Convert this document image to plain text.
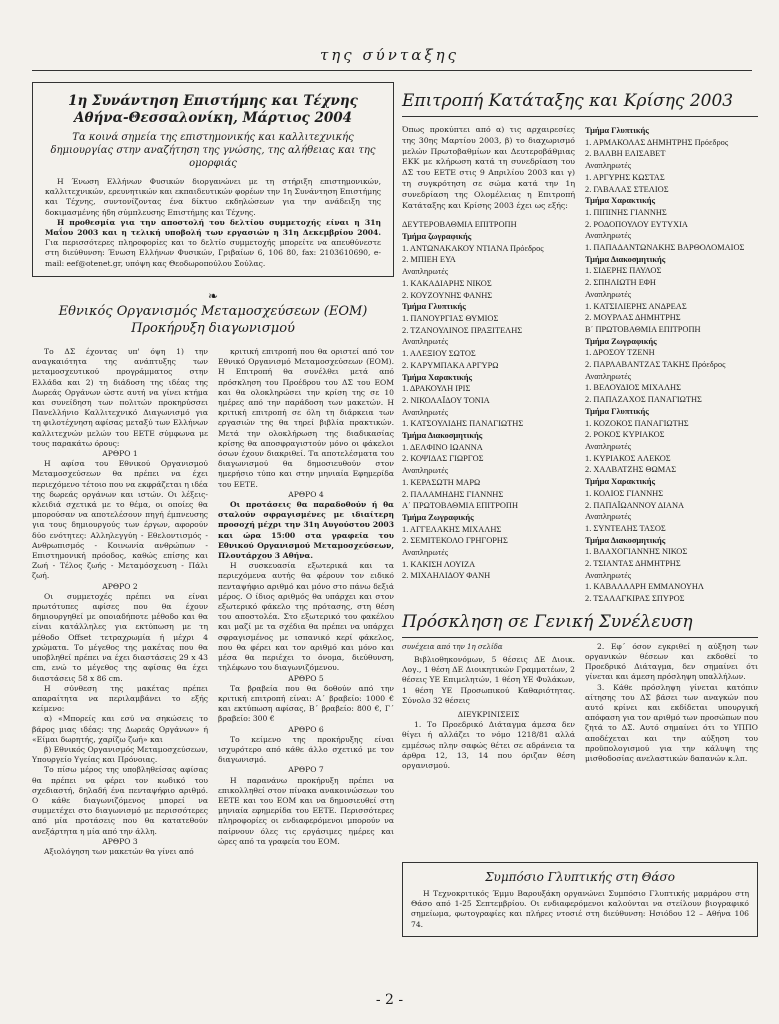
της σύνταξης

1η Συνάντηση Επιστήμης και Τέχνης

Αθήνα-Θεσσαλονίκη, Μάρτιος 2004

Τα κοινά σημεία της επιστημονικής και καλλιτεχνικής δημιουργίας στην αναζήτηση της γνώσης, της αλήθειας και της ομορφιάς

Η Ένωση Ελλήνων Φυσικών διοργανώνει με τη στήριξη επιστημονικών, καλλιτεχνικών, ερευνητικών και εκπαιδευτικών φορέων την 1η Συνάντηση Επιστήμης και Τέχνης, συντονίζοντας ένα δίκτυο εκδηλώσεων για την ανάδειξη της δοκιμασμένης ήδη σύμπλευσης Επιστήμης και Τέχνης.

Η προθεσμία για την αποστολή του δελτίου συμμετοχής είναι η 31η Μαΐου 2003 και η τελική υποβολή των εργασιών η 31η Δεκεμβρίου 2004. Για περισσότερες πληροφορίες και το δελτίο συμμετοχής μπορείτε να απευθύνεστε στη διεύθυνση: Ένωση Ελλήνων Φυσικών, Γριβαίων 6, 106 80, fax: 2103610690, e-mail: eef@otenet.gr, υπόψη κας Θεοδωροπούλου Σούλας.

❧

Εθνικός Οργανισμός Μεταμοσχεύσεων (ΕΟΜ)

Προκήρυξη διαγωνισμού

Το ΔΣ έχοντας υπ' όψη 1) την αναγκαιότητα της ανάπτυξης των μεταμοσχευτικού προγράμματος στην Ελλάδα και 2) τη διάδοση της ιδέας της Δωρεάς Οργάνων ώστε αυτή να γίνει κτήμα και συνείδηση των πολιτών προκηρύσσει Πανελλήνιο Καλλιτεχνικό Διαγωνισμό για τη φιλοτέχνηση αφίσας μεταξύ των Ελλήνων καλλιτεχνών μελών του ΕΕΤΕ σύμφωνα με τους παρακάτω όρους:

ΑΡΘΡΟ 1

Η αφίσα του Εθνικού Οργανισμού Μεταμοσχεύσεων θα πρέπει να έχει περιεχόμενο τέτοιο που να εκφράζεται η ιδέα της δωρεάς οργάνων και ιστών. Οι λέξεις-κλειδιά σχετικά με το θέμα, οι οποίες θα μπορούσαν να αποτελέσουν πηγή έμπνευσης για τους δημιουργούς των έργων, αφορούν δύο ενότητες: Αλληλεγγύη - Εθελοντισμός - Ανθρωπισμός - Κοινωνία ανθρώπων - Επιστημονική πρόοδος, καθώς επίσης και Ζωή - Τέλος ζωής - Μεταμόσχευση - Πάλι ζωή.

ΑΡΘΡΟ 2

Οι συμμετοχές πρέπει να είναι πρωτότυπες αφίσες που θα έχουν δημιουργηθεί με οποιαδήποτε μέθοδο και θα είναι κατάλληλες για εκτύπωση με τη μέθοδο Offset τετραχρωμία ή μέχρι 4 χρώματα. Το μέγεθος της μακέτας που θα υποβληθεί πρέπει να έχει διαστάσεις 29 x 43 cm, ενώ το μέγεθος της αφίσας θα έχει διαστάσεις 58 x 86 cm.

Η σύνθεση της μακέτας πρέπει απαραίτητα να περιλαμβάνει το εξής κείμενο:

α) «Μπορείς και εσύ να σηκώσεις το βάρος μιας ιδέας: της Δωρεάς Οργάνων» ή «Είμαι δωρητής, χαρίζω ζωή» και

β) Εθνικός Οργανισμός Μεταμοσχεύσεων, Υπουργείο Υγείας και Πρόνοιας.

Το πίσω μέρος της υποβληθείσας αφίσας θα πρέπει να φέρει τον κωδικό του σχεδιαστή, δηλαδή ένα πενταψήφιο αριθμό. Ο κάθε διαγωνιζόμενος μπορεί να συμμετέχει στο διαγωνισμό με περισσότερες από μία προτάσεις που θα κατατεθούν ανεξάρτητα η μία από την άλλη.

ΑΡΘΡΟ 3

Αξιολόγηση των μακετών θα γίνει από

κριτική επιτροπή που θα οριστεί από τον Εθνικό Οργανισμό Μεταμοσχεύσεων (ΕΟΜ). Η Επιτροπή θα συνέλθει μετά από πρόσκληση του Προέδρου του ΔΣ του ΕΟΜ και θα ολοκληρώσει την κρίση της σε 10 ημέρες από την παράδοση των μακετών. Η κριτική επιτροπή σε όλη τη διάρκεια των εργασιών της θα τηρεί βιβλία πρακτικών. Μετά την ολοκλήρωση της διαδικασίας κρίσης θα αποσφραγιστούν μόνο οι φάκελοι όσων έχουν διακριθεί. Τα αποτελέσματα του διαγωνισμού θα δημοσιευθούν στον ημερήσιο τύπο και στην μηνιαία Εφημερίδα του ΕΕΤΕ.

ΑΡΘΡΟ 4

Οι προτάσεις θα παραδοθούν ή θα σταλούν σφραγισμένες με ιδιαίτερη προσοχή μέχρι την 31η Αυγούστου 2003 και ώρα 15:00 στα γραφεία του Εθνικού Οργανισμού Μεταμοσχεύσεων, Πλουτάρχου 3 Αθήνα.

Η συσκευασία εξωτερικά και τα περιεχόμενα αυτής θα φέρουν τον ειδικό πενταψήφιο αριθμό και μόνο στο πάνω δεξιά μέρος. Ο ίδιος αριθμός θα υπάρχει και στον εξωτερικό φάκελο της πρότασης, στη θέση του αποστολέα. Στο εξωτερικό του φακέλου και μαζί με τα σχέδια θα πρέπει να υπάρχει σφραγισμένος με ισπανικό κερί φάκελος, που θα φέρει και τον αριθμό και μόνο και μέσα θα περιέχει το όνομα, διεύθυνση, τηλέφωνο του διαγωνιζόμενου.

ΑΡΘΡΟ 5

Τα βραβεία που θα δοθούν από την κριτική επιτροπή είναι: Α΄ βραβείο: 1000 € και εκτύπωση αφίσας, Β΄ βραβείο: 800 €, Γ΄ βραβείο: 300 €

ΑΡΘΡΟ 6

Το κείμενο της προκήρυξης είναι ισχυρότερο από κάθε άλλο σχετικό με τον διαγωνισμό.

ΑΡΘΡΟ 7

Η παρανάνω προκήρυξη πρέπει να επικολληθεί στον πίνακα ανακοινώσεων του ΕΕΤΕ και του ΕΟΜ και να δημοσιευθεί στη μηνιαία εφημερίδα του ΕΕΤΕ. Περισσότερες πληροφορίες οι ενδιαφερόμενοι μπορούν να παίρνουν όλες τις εργάσιμες ημέρες και ώρες από τα γραφεία του ΕΟΜ.

Επιτροπή Κατάταξης και Κρίσης 2003

Όπως προκύπτει από α) τις αρχαιρεσίες της 30ης Μαρτίου 2003, β) το διαχωρισμό μελών Πρωτοβαθμίων και Δευτεροβάθμιας ΕΚΚ με κλήρωση κατά τη συνεδρίαση του ΔΣ του ΕΕΤΕ στις 9 Απριλίου 2003 και γ) τη συγκρότηση σε σώμα κατά την 1η συνεδρίαση της Ολομέλειας η Επιτροπή Κατάταξης και Κρίσης 2003 έχει ως εξής:

ΔΕΥΤΕΡΟΒΑΘΜΙΑ ΕΠΙΤΡΟΠΗ

Τμήμα ζωγραφικής

1. ΑΝΤΩΝΑΚΑΚΟΥ ΝΤΙΑΝΑ Πρόεδρος

2. ΜΠΙΕΗ ΕΥΑ

Αναπληρωτές

1. ΚΑΚΑΔΙΑΡΗΣ ΝΙΚΟΣ

2. ΚΟΥΖΟΥΝΗΣ ΦΑΝΗΣ

Τμήμα Γλυπτικής

1. ΠΑΝΟΥΡΓΙΑΣ ΘΥΜΙΟΣ

2. ΤΖΑΝΟΥΛΙΝΟΣ ΠΡΑΞΙΤΕΛΗΣ

Αναπληρωτές

1. ΑΛΕΞΙΟΥ ΣΩΤΟΣ

2. ΚΑΡΥΜΠΑΚΑ ΑΡΓΥΡΩ

Τμήμα Χαρακτικής

1. ΔΡΑΚΟΥΛΗ ΙΡΙΣ

2. ΝΙΚΟΛΑΪΔΟΥ ΤΟΝΙΑ

Αναπληρωτές

1. ΚΑΤΣΟΥΛΙΔΗΣ ΠΑΝΑΓΙΩΤΗΣ

Τμήμα Διακοσμητικής

1. ΔΕΛΦΙΝΟ ΙΩΑΝΝΑ

2. ΚΟΨΙΔΑΣ ΓΙΩΡΓΟΣ

Αναπληρωτές

1. ΚΕΡΑΣΩΤΗ ΜΑΡΩ

2. ΠΑΛΑΜΗΔΗΣ ΓΙΑΝΝΗΣ

Α΄ ΠΡΩΤΟΒΑΘΜΙΑ ΕΠΙΤΡΟΠΗ

Τμήμα Ζωγραφικής

1. ΑΓΓΕΛΑΚΗΣ ΜΙΧΑΛΗΣ

2. ΣΕΜΙΤΕΚΟΛΟ ΓΡΗΓΟΡΗΣ

Αναπληρωτές

1. ΚΑΚΙΣΗ ΛΟΥΙΖΑ

2. ΜΙΧΑΗΛΙΔΟΥ ΦΑΝΗ

Τμήμα Γλυπτικής

1. ΑΡΜΑΚΟΛΑΣ ΔΗΜΗΤΡΗΣ Πρόεδρος

2. ΒΑΛΒΗ ΕΛΙΣΑΒΕΤ

Αναπληρωτές

1. ΑΡΓΥΡΗΣ ΚΩΣΤΑΣ

2. ΓΑΒΑΛΑΣ ΣΤΕΛΙΟΣ

Τμήμα Χαρακτικής

1. ΠΙΠΙΝΗΣ ΓΙΑΝΝΗΣ

2. ΡΟΔΟΠΟΥΛΟΥ ΕΥΤΥΧΙΑ

Αναπληρωτές

1. ΠΑΠΑΔΑΝΤΩΝΑΚΗΣ ΒΑΡΘΟΛΟΜΑΙΟΣ

Τμήμα Διακοσμητικής

1. ΣΙΔΕΡΗΣ ΠΑΥΛΟΣ

2. ΣΠΗΛΙΩΤΗ ΕΦΗ

Αναπληρωτές

1. ΚΑΤΣΙΛΙΕΡΗΣ ΑΝΔΡΕΑΣ

2. ΜΟΥΡΛΑΣ ΔΗΜΗΤΡΗΣ

Β΄ ΠΡΩΤΟΒΑΘΜΙΑ ΕΠΙΤΡΟΠΗ

Τμήμα Ζωγραφικής

1. ΔΡΟΣΟΥ ΤΖΕΝΗ

2. ΠΑΡΛΑΒΑΝΤΖΑΣ ΤΑΚΗΣ Πρόεδρος

Αναπληρωτές

1. ΒΕΛΟΥΔΙΟΣ ΜΙΧΑΛΗΣ

2. ΠΑΠΑΖΑΧΟΣ ΠΑΝΑΓΙΩΤΗΣ

Τμήμα Γλυπτικής

1. ΚΟΖΟΚΟΣ ΠΑΝΑΓΙΩΤΗΣ

2. ΡΟΚΟΣ ΚΥΡΙΑΚΟΣ

Αναπληρωτές

1. ΚΥΡΙΑΚΟΣ ΑΛΕΚΟΣ

2. ΧΑΛΒΑΤΖΗΣ ΘΩΜΑΣ

Τμήμα Χαρακτικής

1. ΚΟΛΙΟΣ ΓΙΑΝΝΗΣ

2. ΠΑΠΑΪΩΑΝΝΟΥ ΔΙΑΝΑ

Αναπληρωτές

1. ΣΥΝΤΕΛΗΣ ΤΑΣΟΣ

Τμήμα Διακοσμητικής

1. ΒΛΑΧΟΓΙΑΝΝΗΣ ΝΙΚΟΣ

2. ΤΣΙΑΝΤΑΣ ΔΗΜΗΤΡΗΣ

Αναπληρωτές

1. ΚΑΒΑΛΛΑΡΗ ΕΜΜΑΝΟΥΗΛ

2. ΤΣΑΛΑΓΚΙΡΑΣ ΣΠΥΡΟΣ

Πρόσκληση σε Γενική Συνέλευση

συνέχεια από την 1η σελίδα

Βιβλιοθηκονόμων, 5 θέσεις ΔΕ Διοικ. Λογ., 1 θέση ΔΕ Διοικητικών Γραμματέων, 2 θέσεις ΥΕ Επιμελητών, 1 θέση ΥΕ Φυλάκων, 1 θέση ΥΕ Προσωπικού Καθαριότητας. Σύνολο 32 θέσεις

ΔΙΕΥΚΡΙΝΙΣΕΙΣ

1. Το Προεδρικό Διάταγμα άμεσα δεν θίγει ή αλλάζει το νόμο 1218/81 αλλά εμμέσως πλην σαφώς θέτει σε αδράνεια τα άρθρα 12, 13, 14 που όριζαν θέση οργανισμού.

2. Εφ΄ όσον εγκριθεί η αύξηση των οργανικών θέσεων και εκδοθεί το Προεδρικό Διάταγμα, δεν σημαίνει ότι γίνεται και άμεση πρόσληψη υπαλλήλων.

3. Κάθε πρόσληψη γίνεται κατόπιν αίτησης του ΔΣ βάσει των αναγκών που αυτό κρίνει και εκδίδεται υπουργική απόφαση για τον αριθμό των προσώπων που ζητά το ΔΣ. Αυτό σημαίνει ότι το ΥΠΠΟ αποδέχεται και την αύξηση του προϋπολογισμού για την κάλυψη της μισθοδοσίας ανελαστικών δαπανών κ.λπ.

Συμπόσιο Γλυπτικής στη Θάσο

Η Τεχνοκριτικός Έμμυ Βαρουξάκη οργανώνει Συμπόσιο Γλυπτικής μαρμάρου στη Θάσο από 1-25 Σεπτεμβρίου. Οι ενδιαφερόμενοι καλούνται να στείλουν βιογραφικό σημείωμα, φωτογραφίες και πλήρες ντοσιέ στη διεύθυνση: Ησιόδου 12 – Αθήνα 106 74.

- 2 -
